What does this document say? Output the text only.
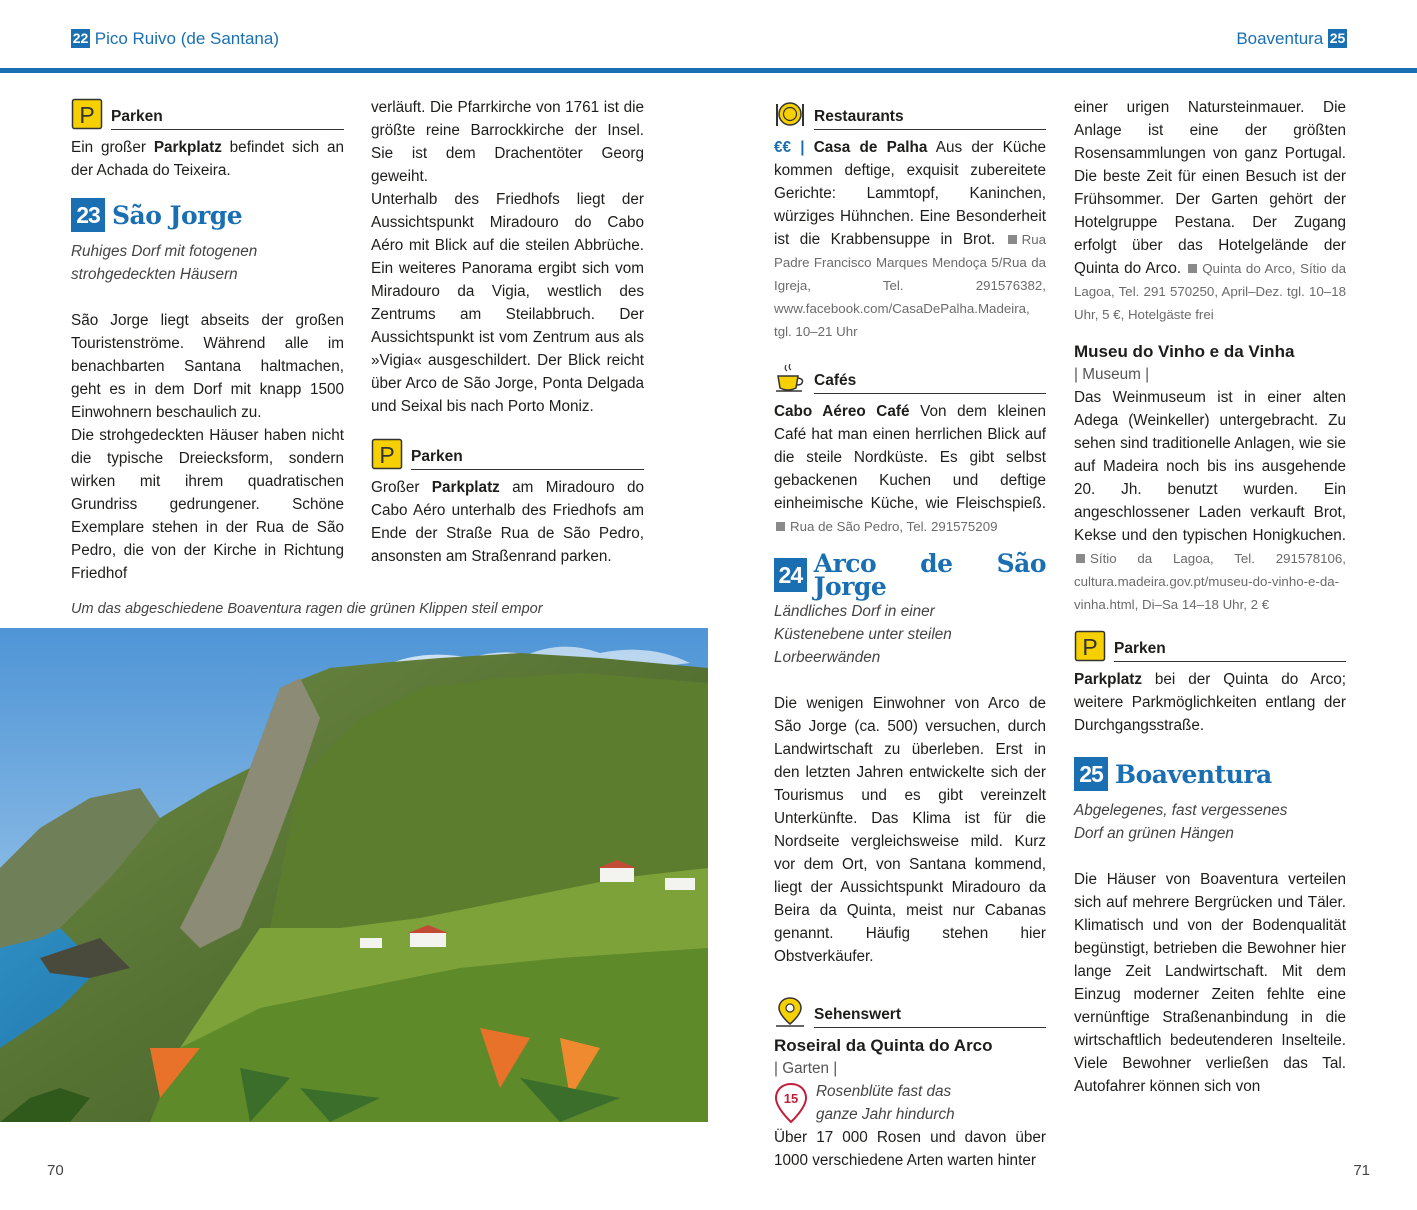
22 Pico Ruivo (de Santana)	Boaventura 25
P Parken

Ein großer Parkplatz befindet sich an der Achada do Teixeira.

23 São Jorge

Ruhiges Dorf mit fotogenen strohgedeckten Häusern

São Jorge liegt abseits der großen Touristenströme. Während alle im benachbarten Santana haltmachen, geht es in dem Dorf mit knapp 1500 Einwohnern beschaulich zu.

Die strohgedeckten Häuser haben nicht die typische Dreiecksform, sondern wirken mit ihrem quadratischen Grundriss gedrungener. Schöne Exemplare stehen in der Rua de São Pedro, die von der Kirche in Richtung Friedhof

verläuft. Die Pfarrkirche von 1761 ist die größte reine Barrockkirche der Insel. Sie ist dem Drachentöter Georg geweiht.

Unterhalb des Friedhofs liegt der Aussichtspunkt Miradouro do Cabo Aéro mit Blick auf die steilen Abbrüche. Ein weiteres Panorama ergibt sich vom Miradouro da Vigia, westlich des Zentrums am Steilabbruch. Der Aussichtspunkt ist vom Zentrum aus als »Vigia« ausgeschildert. Der Blick reicht über Arco de São Jorge, Ponta Delgada und Seixal bis nach Porto Moniz.

P Parken

Großer Parkplatz am Miradouro do Cabo Aéro unterhalb des Friedhofs am Ende der Straße Rua de São Pedro, ansonsten am Straßenrand parken.

Um das abgeschiedene Boaventura ragen die grünen Klippen steil empor
Restaurants

€€ | Casa de Palha Aus der Küche kommen deftige, exquisit zubereitete Gerichte: Lammtopf, Kaninchen, würziges Hühnchen. Eine Besonderheit ist die Krabbensuppe in Brot. Rua Padre Francisco Marques Mendoça 5/Rua da Igreja, Tel. 291576382, www.facebook.com/CasaDePalha.Madeira, tgl. 10–21 Uhr

Cafés

Cabo Aéreo Café Von dem kleinen Café hat man einen herrlichen Blick auf die steile Nordküste. Es gibt selbst gebackenen Kuchen und deftige einheimische Küche, wie Fleischspieß. Rua de São Pedro, Tel. 291575209

24 Arco de São Jorge

Ländliches Dorf in einer Küstenebene unter steilen Lorbeerwänden

Die wenigen Einwohner von Arco de São Jorge (ca. 500) versuchen, durch Landwirtschaft zu überleben. Erst in den letzten Jahren entwickelte sich der Tourismus und es gibt vereinzelt Unterkünfte. Das Klima ist für die Nordseite vergleichsweise mild. Kurz vor dem Ort, von Santana kommend, liegt der Aussichtspunkt Miradouro da Beira da Quinta, meist nur Cabanas genannt. Häufig stehen hier Obstverkäufer.

Sehenswert

Roseiral da Quinta do Arco

| Garten |

15 Rosenblüte fast das ganze Jahr hindurch

Über 17 000 Rosen und davon über 1000 verschiedene Arten warten hinter

einer urigen Natursteinmauer. Die Anlage ist eine der größten Rosensammlungen von ganz Portugal. Die beste Zeit für einen Besuch ist der Frühsommer. Der Garten gehört der Hotelgruppe Pestana. Der Zugang erfolgt über das Hotelgelände der Quinta do Arco. Quinta do Arco, Sítio da Lagoa, Tel. 291 570250, April–Dez. tgl. 10–18 Uhr, 5 €, Hotelgäste frei

Museu do Vinho e da Vinha

| Museum |

Das Weinmuseum ist in einer alten Adega (Weinkeller) untergebracht. Zu sehen sind traditionelle Anlagen, wie sie auf Madeira noch bis ins ausgehende 20. Jh. benutzt wurden. Ein angeschlossener Laden verkauft Brot, Kekse und den typischen Honigkuchen. Sítio da Lagoa, Tel. 291578106, cultura.madeira.gov.pt/museu-do-vinho-e-da-vinha.html, Di–Sa 14–18 Uhr, 2 €

P Parken

Parkplatz bei der Quinta do Arco; weitere Parkmöglichkeiten entlang der Durchgangsstraße.

25 Boaventura

Abgelegenes, fast vergessenes Dorf an grünen Hängen

Die Häuser von Boaventura verteilen sich auf mehrere Bergrücken und Täler. Klimatisch und von der Bodenqualität begünstigt, betrieben die Bewohner hier lange Zeit Landwirtschaft. Mit dem Einzug moderner Zeiten fehlte eine vernünftige Straßenanbindung in die wirtschaftlich bedeutenderen Inselteile. Viele Bewohner verließen das Tal. Autofahrer können sich von

70	71
